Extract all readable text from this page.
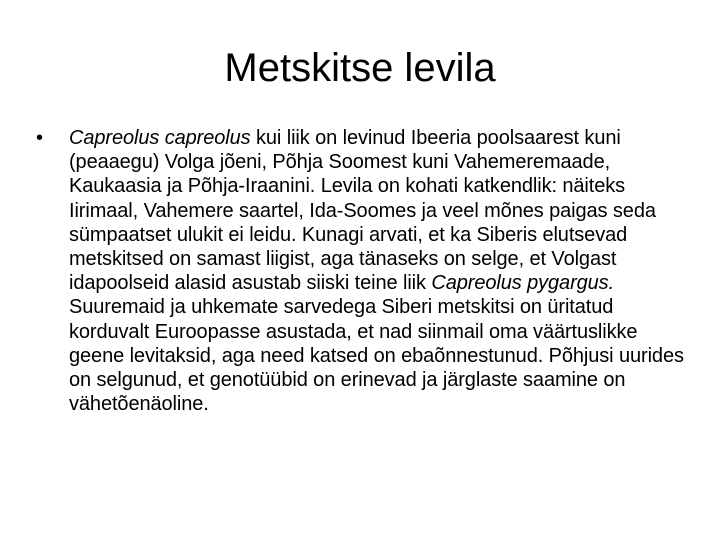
Metskitse levila
•	Capreolus capreolus kui liik on levinud Ibeeria poolsaarest kuni (peaaegu) Volga jõeni, Põhja Soomest kuni Vahemeremaade, Kaukaasia ja Põhja-Iraanini. Levila on kohati katkendlik: näiteks Iirimaal, Vahemere saartel, Ida-Soomes ja veel mõnes paigas seda sümpaatset ulukit ei leidu. Kunagi arvati, et ka Siberis elutsevad metskitsed on samast liigist, aga tänaseks on selge, et Volgast idapoolseid alasid asustab siiski teine liik Capreolus pygargus. Suuremaid ja uhkemate sarvedega Siberi metskitsi on üritatud korduvalt Euroopasse asustada, et nad siinmail oma väärtuslikke geene levitaksid, aga need katsed on ebaõnnestunud. Põhjusi uurides on selgunud, et genotüübid on erinevad ja järglaste saamine on vähetõenäoline.
